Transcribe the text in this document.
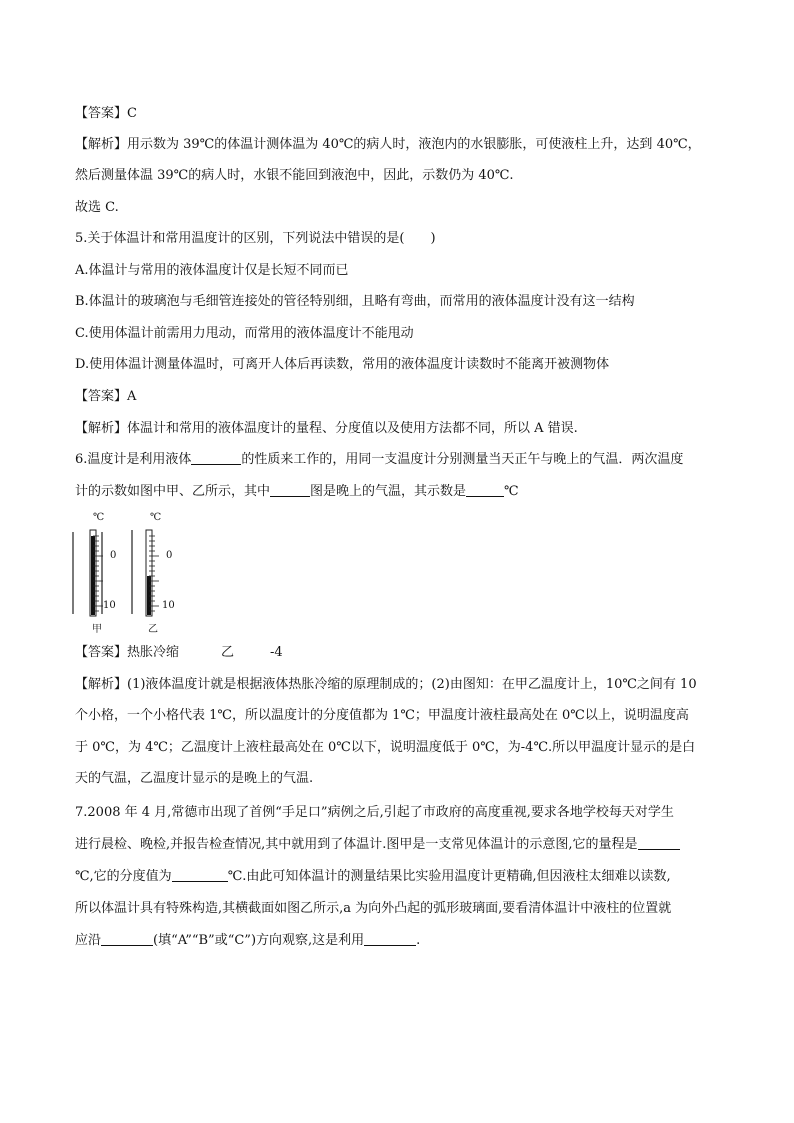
【答案】C
【解析】用示数为 39℃的体温计测体温为 40℃的病人时，液泡内的水银膨胀，可使液柱上升，达到 40℃，
然后测量体温 39℃的病人时，水银不能回到液泡中，因此，示数仍为 40℃.
故选 C.
5.关于体温计和常用温度计的区别，下列说法中错误的是(　　)
A.体温计与常用的液体温度计仅是长短不同而已
B.体温计的玻璃泡与毛细管连接处的管径特别细，且略有弯曲，而常用的液体温度计没有这一结构
C.使用体温计前需用力甩动，而常用的液体温度计不能甩动
D.使用体温计测量体温时，可离开人体后再读数，常用的液体温度计读数时不能离开被测物体
【答案】A
【解析】体温计和常用的液体温度计的量程、分度值以及使用方法都不同，所以 A 错误.
6.温度计是利用液体	的性质来工作的，用同一支温度计分别测量当天正午与晚上的气温．两次温度
计的示数如图中甲、乙所示，其中	图是晚上的气温，其示数是	℃
℃
0
10
甲
℃
0
10
乙
【答案】热胀冷缩	乙	-4
【解析】(1)液体温度计就是根据液体热胀冷缩的原理制成的；(2)由图知：在甲乙温度计上，10℃之间有 10
个小格，一个小格代表 1℃，所以温度计的分度值都为 1℃；甲温度计液柱最高处在 0℃以上，说明温度高
于 0℃，为 4℃；乙温度计上液柱最高处在 0℃以下，说明温度低于 0℃，为-4℃.所以甲温度计显示的是白
天的气温，乙温度计显示的是晚上的气温.
7.2008 年 4 月,常德市出现了首例“手足口”病例之后,引起了市政府的高度重视,要求各地学校每天对学生
进行晨检、晚检,并报告检查情况,其中就用到了体温计.图甲是一支常见体温计的示意图,它的量程是
℃,它的分度值为	℃.由此可知体温计的测量结果比实验用温度计更精确,但因液柱太细难以读数,
所以体温计具有特殊构造,其横截面如图乙所示,a 为向外凸起的弧形玻璃面,要看清体温计中液柱的位置就
应沿	(填“A”“B”或“C”)方向观察,这是利用	.
